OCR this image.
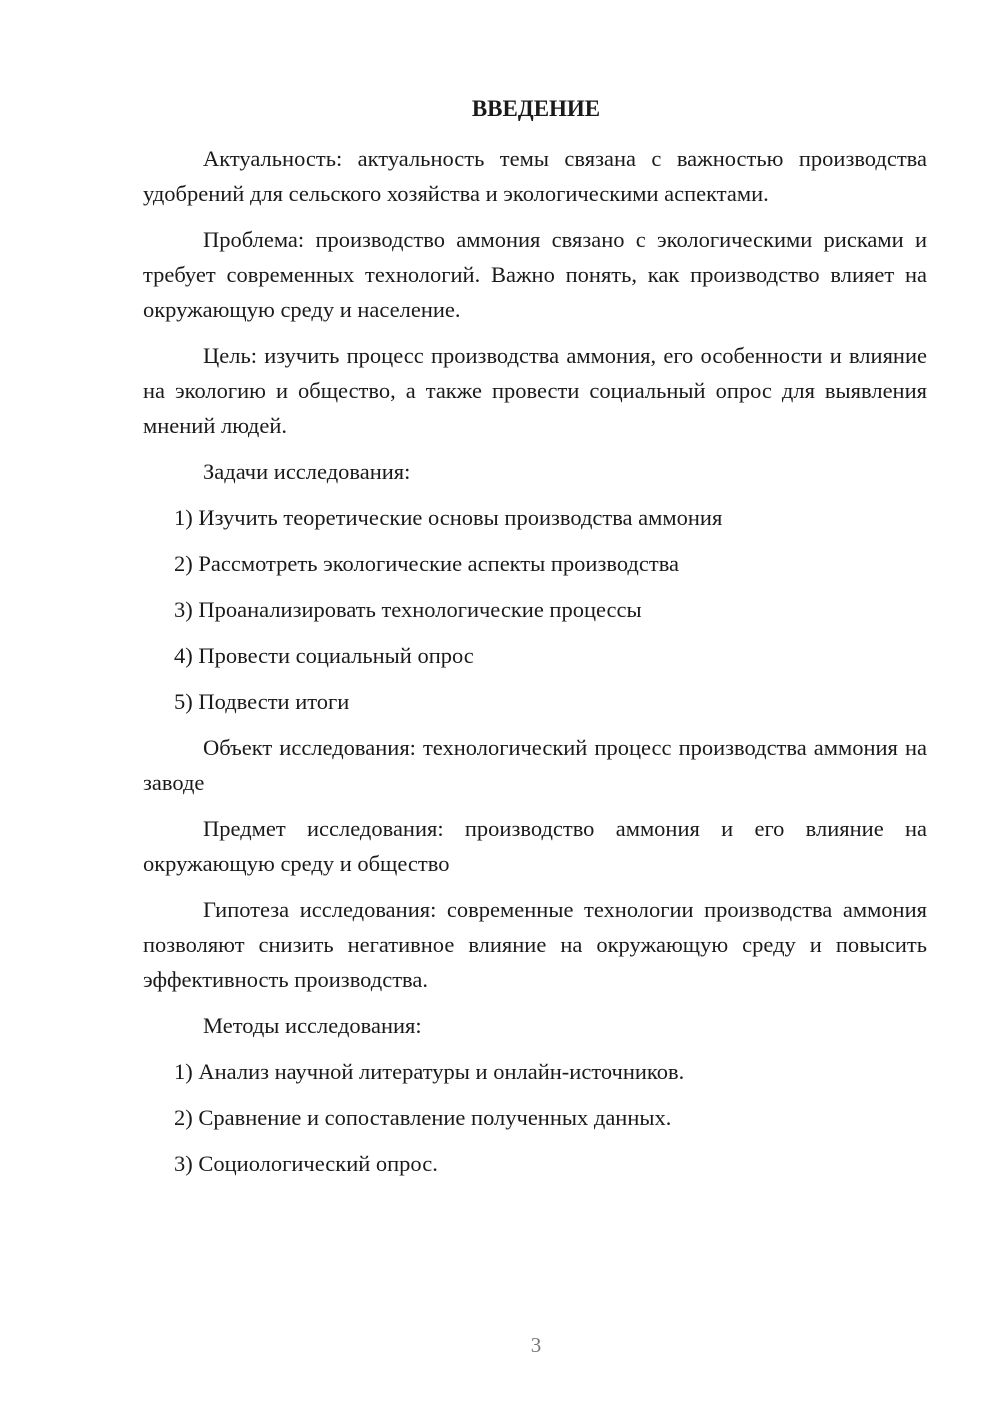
ВВЕДЕНИЕ

Актуальность: актуальность темы связана с важностью производства удобрений для сельского хозяйства и экологическими аспектами.

Проблема: производство аммония связано с экологическими рисками и требует современных технологий. Важно понять, как производство влияет на окружающую среду и население.

Цель: изучить процесс производства аммония, его особенности и влияние на экологию и общество, а также провести социальный опрос для выявления мнений людей.

Задачи исследования:

1) Изучить теоретические основы производства аммония

2) Рассмотреть экологические аспекты производства

3) Проанализировать технологические процессы

4) Провести социальный опрос

5) Подвести итоги

Объект исследования: технологический процесс производства аммония на заводе

Предмет исследования: производство аммония и его влияние на окружающую среду и общество

Гипотеза исследования: современные технологии производства аммония позволяют снизить негативное влияние на окружающую среду и повысить эффективность производства.

Методы исследования:

1) Анализ научной литературы и онлайн-источников.

2) Сравнение и сопоставление полученных данных.

3) Социологический опрос.

3
